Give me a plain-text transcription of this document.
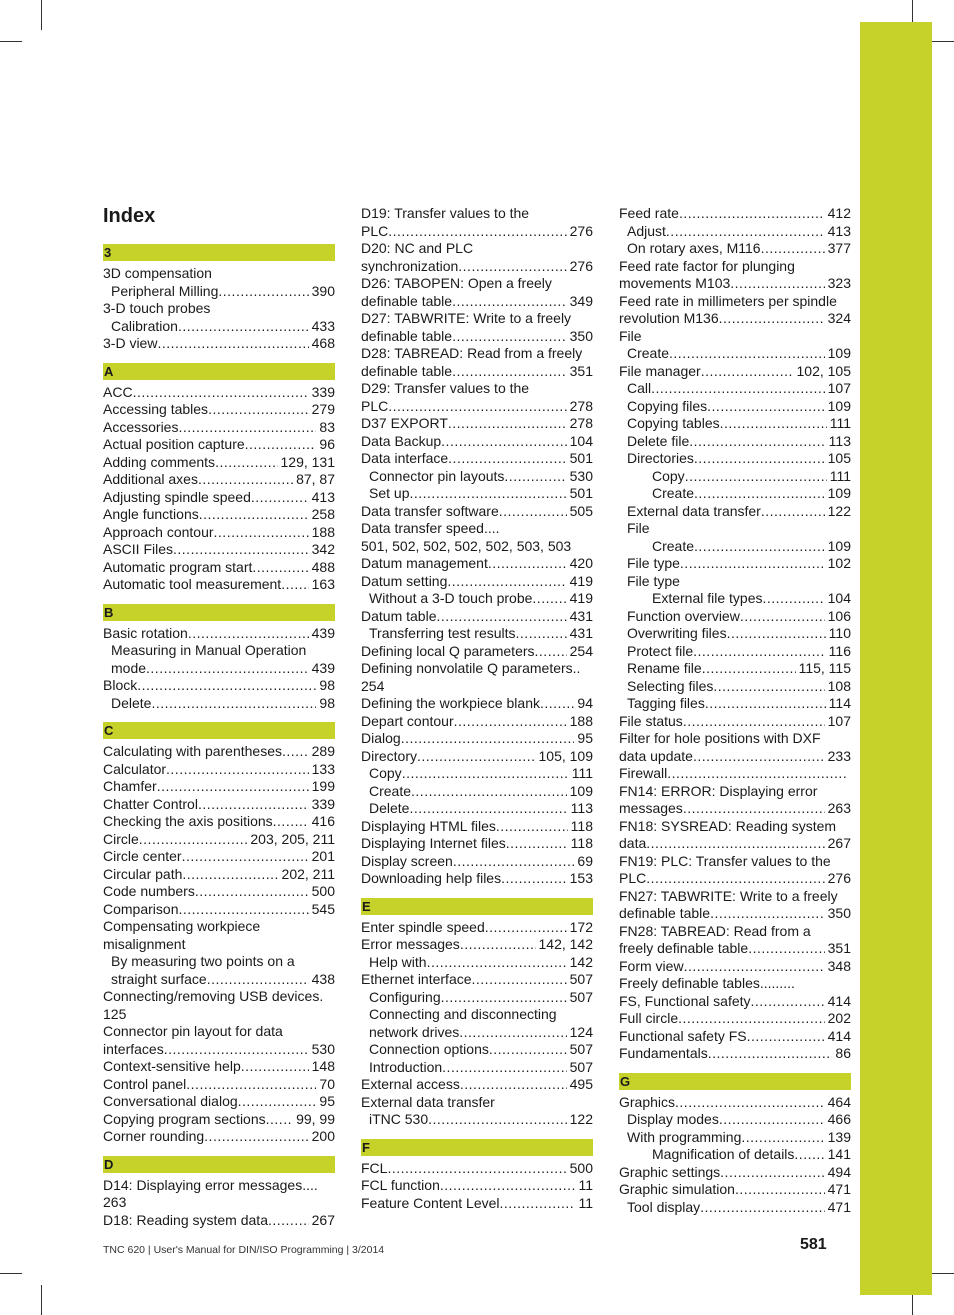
Index
3
3D compensation
Peripheral Milling .....	390
3-D touch probes
Calibration .....	433
3-D view .....	468
A
ACC .....	339
Accessing tables .....	279
Accessories .....	83
Actual position capture .....	96
Adding comments .....	129, 131
Additional axes .....	87, 87
Adjusting spindle speed .....	413
Angle functions .....	258
Approach contour .....	188
ASCII Files .....	342
Automatic program start .....	488
Automatic tool measurement ..... 163
B
Basic rotation .....	439
Measuring in Manual Operation
mode .....	439
Block .....	98
Delete .....	98
C
Calculating with parentheses ..... 289
Calculator .....	133
Chamfer .....	199
Chatter Control .....	339
Checking the axis positions .....	416
Circle .....	203, 205, 211
Circle center .....	201
Circular path .....	202, 211
Code numbers .....	500
Comparison .....	545
Compensating workpiece
misalignment
By measuring two points on a
straight surface .....	438
Connecting/removing USB devices.
125
Connector pin layout for data
interfaces .....	530
Context-sensitive help .....	148
Control panel .....	70
Conversational dialog .....	95
Copying program sections ..... 99, 99
Corner rounding .....	200
D
D14: Displaying error messages....
263
D18: Reading system data .....	267
D19: Transfer values to the
PLC .....	276
D20: NC and PLC
synchronization .....	276
D26: TABOPEN: Open a freely
definable table .....	349
D27: TABWRITE: Write to a freely
definable table .....	350
D28: TABREAD: Read from a freely
definable table .....	351
D29: Transfer values to the
PLC .....	278
D37 EXPORT .....	278
Data Backup .....	104
Data interface .....	501
Connector pin layouts .....	530
Set up .....	501
Data transfer software .....	505
Data transfer speed....
501, 502, 502, 502, 502, 503, 503
Datum management .....	420
Datum setting .....	419
Without a 3-D touch probe .....	419
Datum table .....	431
Transferring test results .....	431
Defining local Q parameters .....	254
Defining nonvolatile Q parameters..
254
Defining the workpiece blank .....	94
Depart contour .....	188
Dialog .....	95
Directory .....	105, 109
Copy .....	111
Create .....	109
Delete .....	113
Displaying HTML files .....	118
Displaying Internet files .....	118
Display screen .....	69
Downloading help files .....	153
E
Enter spindle speed .....	172
Error messages .....	142, 142
Help with .....	142
Ethernet interface .....	507
Configuring .....	507
Connecting and disconnecting
network drives .....	124
Connection options .....	507
Introduction .....	507
External access .....	495
External data transfer
iTNC 530 .....	122
F
FCL .....	500
FCL function .....	11
Feature Content Level .....	11
Feed rate .....	412
Adjust .....	413
On rotary axes, M116 .....	377
Feed rate factor for plunging
movements M103 .....	323
Feed rate in millimeters per spindle
revolution M136 .....	324
File
Create .....	109
File manager .....	102, 105
Call .....	107
Copying files .....	109
Copying tables .....	111
Delete file .....	113
Directories .....	105
Copy .....	111
Create .....	109
External data transfer .....	122
File
Create .....	109
File type .....	102
File type
External file types .....	104
Function overview .....	106
Overwriting files .....	110
Protect file .....	116
Rename file .....	115, 115
Selecting files .....	108
Tagging files .....	114
File status .....	107
Filter for hole positions with DXF
data update .....	233
Firewall
.....
FN14: ERROR: Displaying error
messages .....	263
FN18: SYSREAD: Reading system
data .....	267
FN19: PLC: Transfer values to the
PLC .....	276
FN27: TABWRITE: Write to a freely
definable table .....	350
FN28: TABREAD: Read from a
freely definable table .....	351
Form view .....	348
Freely definable tables.........
FS, Functional safety .....	414
Full circle .....	202
Functional safety FS .....	414
Fundamentals .....	86
G
Graphics .....	464
Display modes .....	466
With programming .....	139
Magnification of details ..... 141
Graphic settings .....	494
Graphic simulation .....	471
Tool display .....	471
TNC 620 | User's Manual for DIN/ISO Programming | 3/2014	581
